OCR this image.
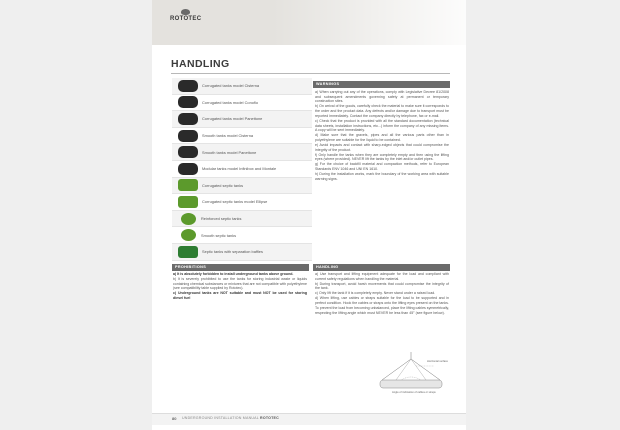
ROTOTEC
HANDLING
Corrugated tanks model Cisterna
Corrugated tanks model Conoflo
Corrugated tanks model Panettone
Smooth tanks model Cisterna
Smooth tanks model Panettone
Modular tanks model Infinibox and Montale
Corrugated septic tanks
Corrugated septic tanks model Ellipse
Reinforced septic tanks
Smooth septic tanks
Septic tanks with separation baffles
WARNINGS
a) When carrying out any of the operations, comply with Legislative Decree 81/2008 and subsequent amendments governing safety at permanent or temporary construction sites.
b) On arrival of the goods, carefully check the material to make sure it corresponds to the order and the product data. Any defects and/or damage due to transport must be reported immediately. Contact the company directly by telephone, fax or e-mail.
c) Check that the product is provided with all the standard documentation (technical data sheets, installation instructions, etc...) inform the company of any missing items. A copy will be sent immediately.
d) Make sure that the gravels, pipes and all the various parts other than in polyethylene are suitable for the liquid to be contained.
e) Avoid impacts and contact with sharp-edged objects that could compromise the integrity of the product.
f) Only handle the tanks when they are completely empty and then using the lifting eyes (where provided). NEVER lift the tanks by the inlet and/or outlet pipes.
g) For the choice of backfill material and compaction methods, refer to European Standards ENV 1046 and UNI EN 1610.
h) During the installation works, mark the boundary of the working area with suitable warning signs.
PROHIBITIONS
a) It is absolutely forbidden to install underground tanks above ground.
b) It is severely prohibited to use the tanks for storing industrial waste or liquids containing chemical substances or mixtures that are not compatible with polyethylene (see compatibility table supplied by Rototec).
c) Underground tanks are NOT suitable and must NOT be used for storing diesel fuel
HANDLING
a) Use transport and lifting equipment adequate for the load and compliant with current safety regulations when handling the material.
b) During transport, avoid harsh movements that could compromise the integrity of the tank.
c) Only lift the tank if it is completely empty. Never stand under a raised load.
d) When lifting, use cables or straps suitable for the load to be supported and in perfect condition. Hook the cables or straps onto the lifting eyes present on the tanks.
To prevent the load from becoming unbalanced, place the lifting cables symmetrically, respecting the lifting angle which must NEVER be less than 45° (see figure below).
Horizontal surface
Angle of inclination of cables or straps
80 UNDERGROUND INSTALLATION MANUAL ROTOTEC
